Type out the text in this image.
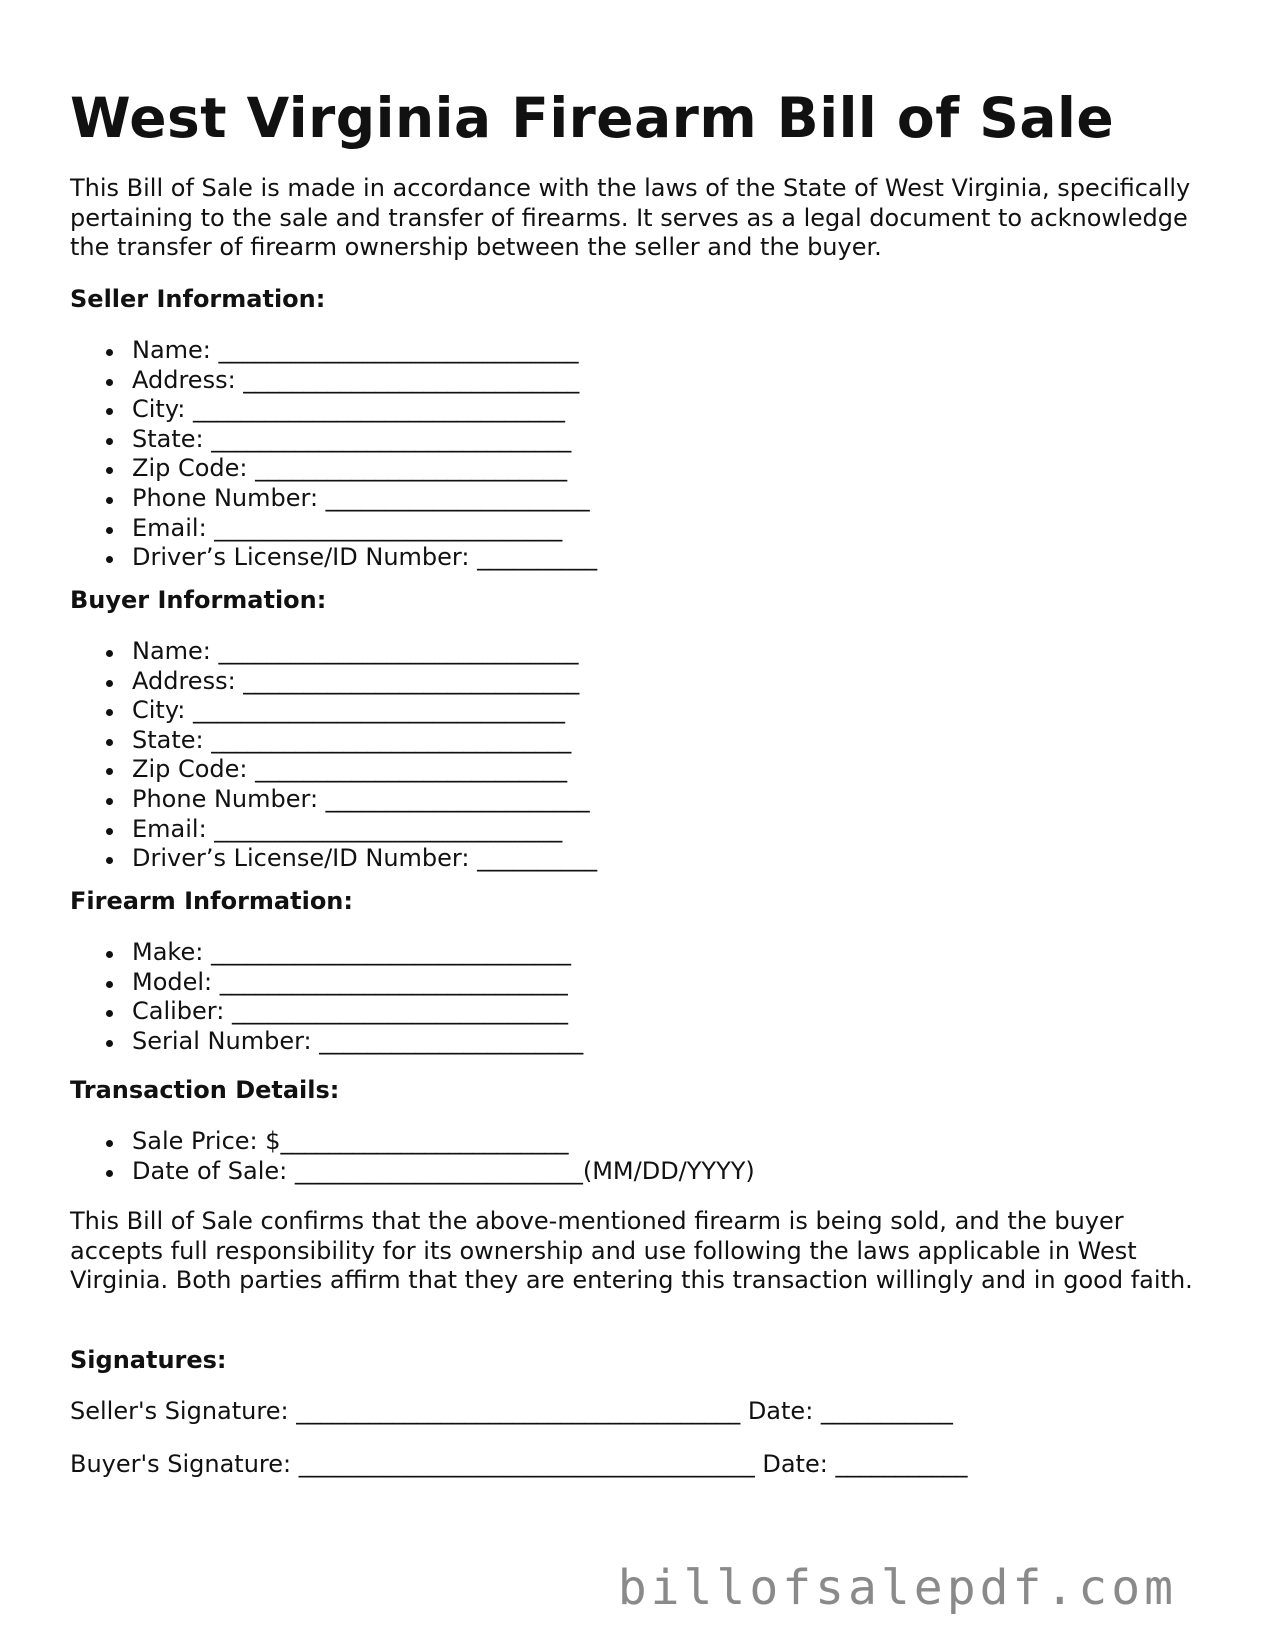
West Virginia Firearm Bill of Sale

This Bill of Sale is made in accordance with the laws of the State of West Virginia, specifically pertaining to the sale and transfer of firearms. It serves as a legal document to acknowledge the transfer of firearm ownership between the seller and the buyer.

Seller Information:

Name: ______________________________
Address: ____________________________
City: _______________________________
State: ______________________________
Zip Code: __________________________
Phone Number: ______________________
Email: _____________________________
Driver’s License/ID Number: __________

Buyer Information:

Name: ______________________________
Address: ____________________________
City: _______________________________
State: ______________________________
Zip Code: __________________________
Phone Number: ______________________
Email: _____________________________
Driver’s License/ID Number: __________

Firearm Information:

Make: ______________________________
Model: _____________________________
Caliber: ____________________________
Serial Number: ______________________

Transaction Details:

Sale Price: $________________________
Date of Sale: ________________________(MM/DD/YYYY)

This Bill of Sale confirms that the above-mentioned firearm is being sold, and the buyer accepts full responsibility for its ownership and use following the laws applicable in West Virginia. Both parties affirm that they are entering this transaction willingly and in good faith.

Signatures:

Seller's Signature: _____________________________________ Date: ___________

Buyer's Signature: ______________________________________ Date: ___________

billofsalepdf.com
